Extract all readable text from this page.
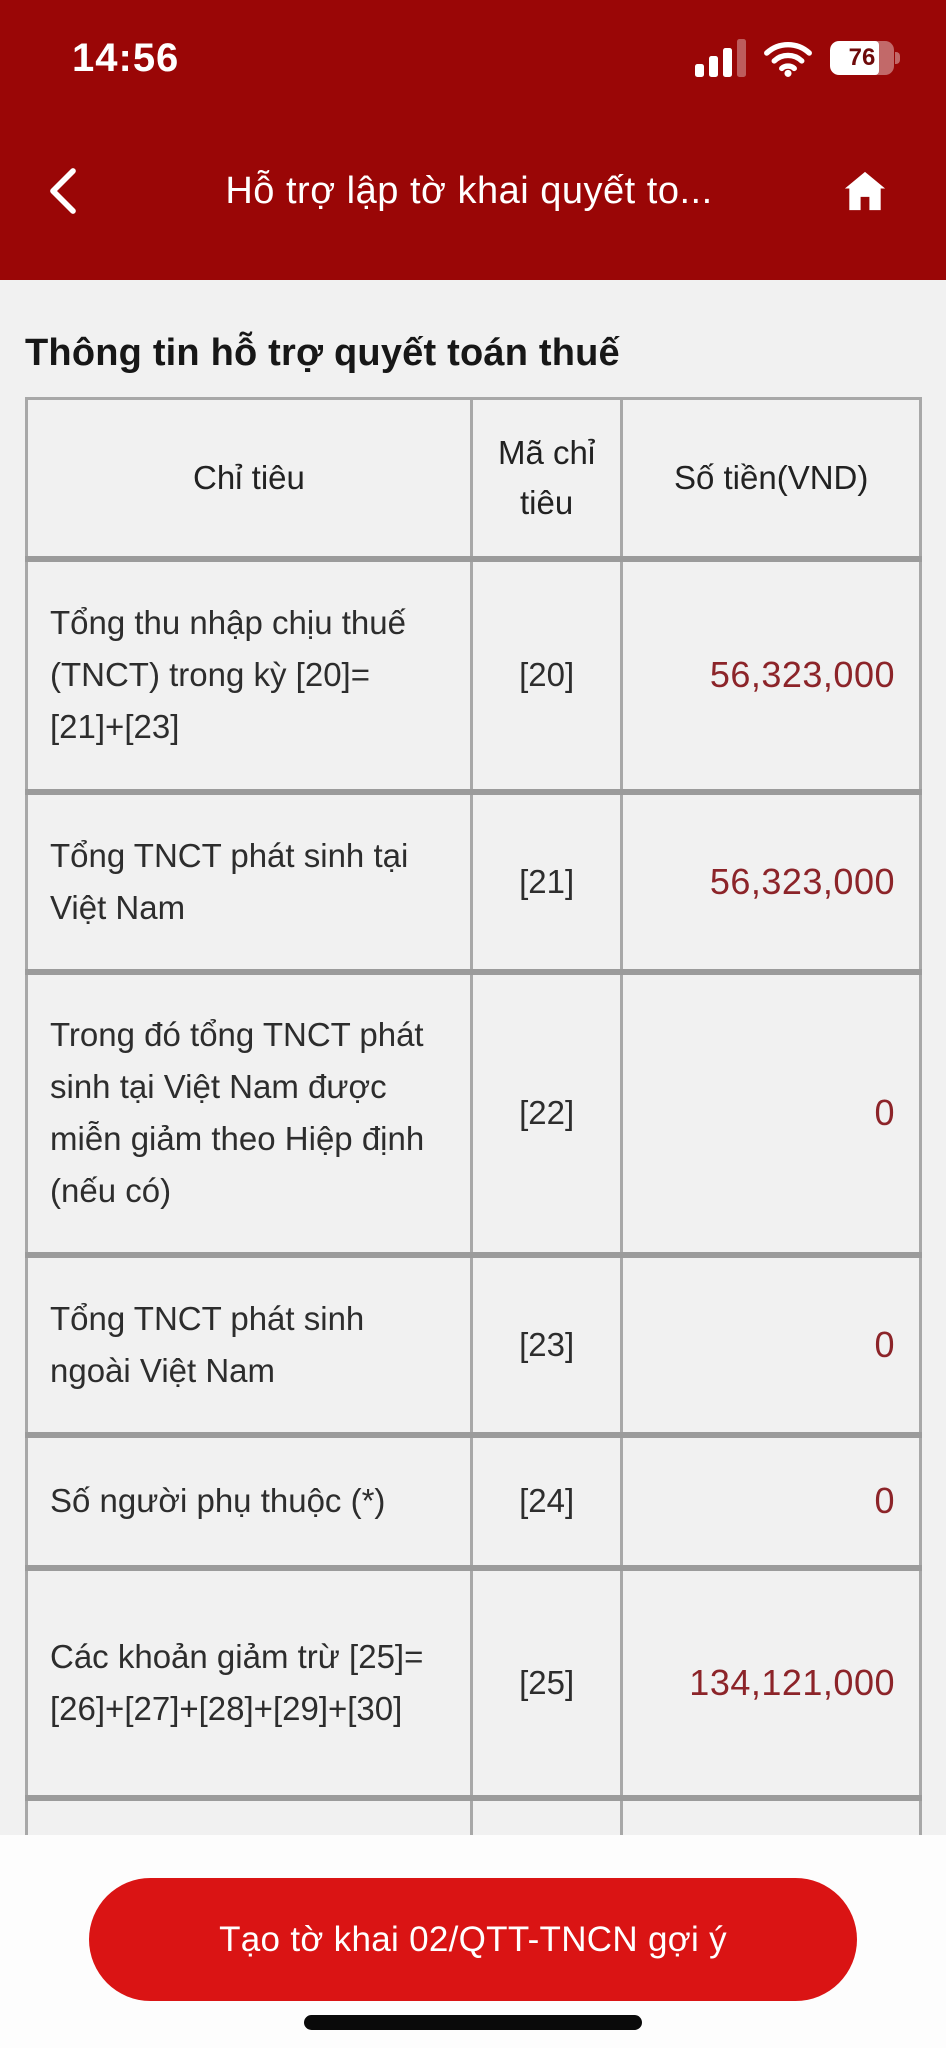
14:56	76
Hỗ trợ lập tờ khai quyết to...
Thông tin hỗ trợ quyết toán thuế
Chỉ tiêu	Mã chỉ tiêu	Số tiền(VND)
Tổng thu nhập chịu thuế (TNCT) trong kỳ [20]=[21]+[23]	[20]	56,323,000
Tổng TNCT phát sinh tại Việt Nam	[21]	56,323,000
Trong đó tổng TNCT phát sinh tại Việt Nam được miễn giảm theo Hiệp định (nếu có)	[22]	0
Tổng TNCT phát sinh ngoài Việt Nam	[23]	0
Số người phụ thuộc (*)	[24]	0
Các khoản giảm trừ [25]=[26]+[27]+[28]+[29]+[30]	[25]	134,121,000

Tạo tờ khai 02/QTT-TNCN gợi ý
